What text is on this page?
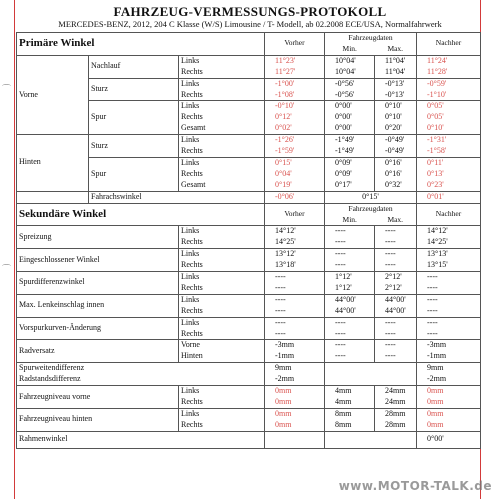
FAHRZEUG-VERMESSUNGS-PROTOKOLL
MERCEDES-BENZ, 2012, 204 C Klasse (W/S) Limousine / T- Modell, ab 02.2008 ECE/USA, Normalfahrwerk
⌒
⌒
Primäre Winkel			Vorher	Fahrzeugdaten		Nachher
				Min.	Max.	
Vorne	Nachlauf	Links	11°23'	10°04'	11°04'	11°24'
		Rechts	11°27'	10°04'	11°04'	11°28'
	Sturz	Links	-1°00'	-0°56'	-0°13'	-0°59'
		Rechts	-1°08'	-0°56'	-0°13'	-1°10'
	Spur	Links	-0°10'	0°00'	0°10'	0°05'
		Rechts	0°12'	0°00'	0°10'	0°05'
		Gesamt	0°02'	0°00'	0°20'	0°10'
Hinten	Sturz	Links	-1°26'	-1°49'	-0°49'	-1°31'
		Rechts	-1°59'	-1°49'	-0°49'	-1°58'
	Spur	Links	0°15'	0°09'	0°16'	0°11'
		Rechts	0°04'	0°09'	0°16'	0°13'
		Gesamt	0°19'	0°17'	0°32'	0°23'
	Fahrachswinkel		-0°06'	0°15'		0°01'
Sekundäre Winkel			Vorher	Fahrzeugdaten		Nachher
				Min.	Max.	
Spreizung		Links	14°12'	----	----	14°12'
		Rechts	14°25'	----	----	14°25'
Eingeschlossener Winkel		Links	13°12'	----	----	13°13'
		Rechts	13°18'	----	----	13°15'
Spurdifferenzwinkel		Links	----	1°12'	2°12'	----
		Rechts	----	1°12'	2°12'	----
Max. Lenkeinschlag innen		Links	----	44°00'	44°00'	----
		Rechts	----	44°00'	44°00'	----
Vorspurkurven-Änderung		Links	----	----	----	----
		Rechts	----	----	----	----
Radversatz		Vorne	-3mm	----	----	-3mm
		Hinten	-1mm	----	----	-1mm
Spurweitendifferenz			9mm			9mm
Radstandsdifferenz			-2mm			-2mm
Fahrzeugniveau vorne		Links	0mm	4mm	24mm	0mm
		Rechts	0mm	4mm	24mm	0mm
Fahrzeugniveau hinten		Links	0mm	8mm	28mm	0mm
		Rechts	0mm	8mm	28mm	0mm
Rahmenwinkel						0°00'
www.MOTOR-TALK.de
